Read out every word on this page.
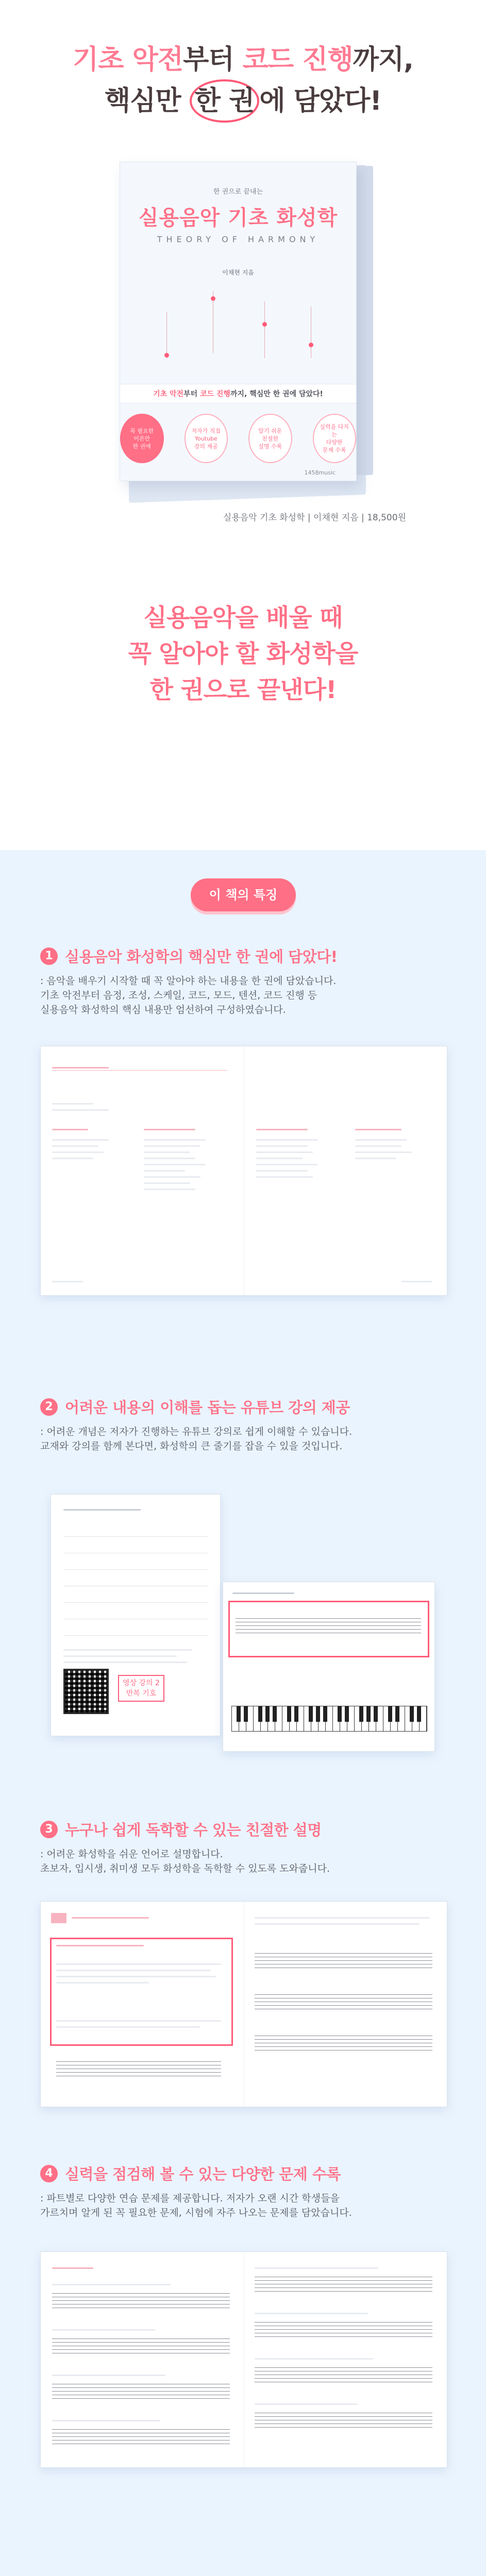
기초 악전부터 코드 진행까지,
핵심만 한 권 에 담았다!
한 권으로 끝내는
실용음악 기초 화성학
THEORY OF HARMONY
이채현 지음
기초 악전부터 코드 진행까지, 핵심만 한 권에 담았다!
꼭 필요한
이론만
한 권에
저자가 직접
Youtube
강의 제공
알기 쉬운
친절한
설명 수록
실력을 다지는
다양한
문제 수록
1458music
실용음악 기초 화성학 | 이채현 지음 | 18,500원
실용음악을 배울 때
꼭 알아야 할 화성학을
한 권으로 끝낸다!
이 책의 특징
1 실용음악 화성학의 핵심만 한 권에 담았다!
: 음악을 배우기 시작할 때 꼭 알아야 하는 내용을 한 권에 담았습니다.
기초 악전부터 음정, 조성, 스케일, 코드, 모드, 텐션, 코드 진행 등
실용음악 화성학의 핵심 내용만 엄선하여 구성하였습니다.
2 어려운 내용의 이해를 돕는 유튜브 강의 제공
: 어려운 개념은 저자가 진행하는 유튜브 강의로 쉽게 이해할 수 있습니다.
교재와 강의를 함께 본다면, 화성학의 큰 줄기를 잡을 수 있을 것입니다.
영상 강의 2
반복 기호
3 누구나 쉽게 독학할 수 있는 친절한 설명
: 어려운 화성학을 쉬운 언어로 설명합니다.
초보자, 입시생, 취미생 모두 화성학을 독학할 수 있도록 도와줍니다.
4 실력을 점검해 볼 수 있는 다양한 문제 수록
: 파트별로 다양한 연습 문제를 제공합니다. 저자가 오랜 시간 학생들을
가르치며 알게 된 꼭 필요한 문제, 시험에 자주 나오는 문제를 담았습니다.
